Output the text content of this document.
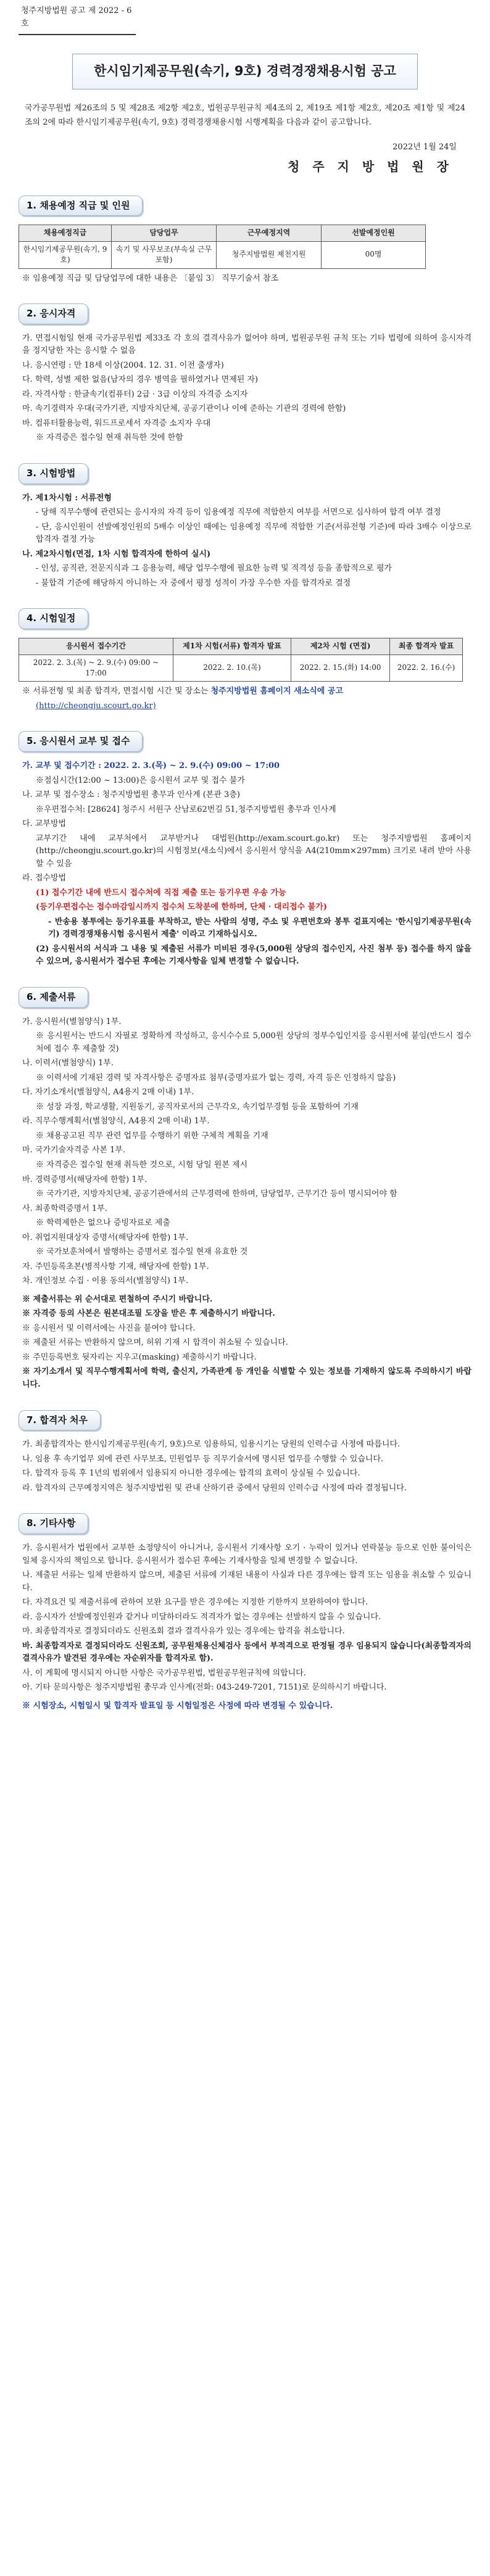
청주지방법원 공고 제 2022 - 6 호
한시임기제공무원(속기, 9호) 경력경쟁채용시험 공고
국가공무원법 제26조의 5 및 제28조 제2항 제2호, 법원공무원규칙 제4조의 2, 제19조 제1항 제2호, 제20조 제1항 및 제24조의 2에 따라 한시임기제공무원(속기, 9호) 경력경쟁채용시험 시행계획을 다음과 같이 공고합니다.
2022년 1월 24일
청 주 지 방 법 원 장
1. 채용예정 직급 및 인원
채용예정직급	담당업무	근무예정지역	선발예정인원
한시임기제공무원(속기, 9호)	속기 및 사무보조(부속실 근무 포함)	청주지방법원 제천지원	00명
※ 임용예정 직급 및 담당업무에 대한 내용은 〔붙임 3〕 직무기술서 참조
2. 응시자격
가. 면접시험일 현재 국가공무원법 제33조 각 호의 결격사유가 없어야 하며, 법원공무원 규칙 또는 기타 법령에 의하여 응시자격을 정지당한 자는 응시할 수 없음
나. 응시연령 : 만 18세 이상(2004. 12. 31. 이전 출생자)
다. 학력, 성별 제한 없음(남자의 경우 병역을 필하였거나 면제된 자)
라. 자격사항 : 한글속기(컴퓨터) 2급 · 3급 이상의 자격증 소지자
마. 속기경력자 우대(국가기관, 지방자치단체, 공공기관이나 이에 준하는 기관의 경력에 한함)
바. 컴퓨터활용능력, 워드프로세서 자격증 소지자 우대
※ 자격증은 접수일 현재 취득한 것에 한함
3. 시험방법
가. 제1차시험 : 서류전형
- 당해 직무수행에 관련되는 응시자의 자격 등이 임용예정 직무에 적합한지 여부를 서면으로 심사하여 합격 여부 결정
- 단, 응시인원이 선발예정인원의 5배수 이상인 때에는 임용예정 직무에 적합한 기준(서류전형 기준)에 따라 3배수 이상으로 합격자 결정 가능
나. 제2차시험(면접, 1차 시험 합격자에 한하여 실시)
- 인성, 공직관, 전문지식과 그 응용능력, 해당 업무수행에 필요한 능력 및 적격성 등을 종합적으로 평가
- 불합격 기준에 해당하지 아니하는 자 중에서 평정 성적이 가장 우수한 자를 합격자로 결정
4. 시험일정
응시원서 접수기간	제1차 시험(서류) 합격자 발표	제2차 시험 (면접)	최종 합격자 발표
2022. 2. 3.(목) ~ 2. 9.(수) 09:00 ~ 17:00	2022. 2. 10.(목)	2022. 2. 15.(화) 14:00	2022. 2. 16.(수)
※ 서류전형 및 최종 합격자, 면접시험 시간 및 장소는 청주지방법원 홈페이지 새소식에 공고
(http://cheongju.scourt.go.kr)
5. 응시원서 교부 및 접수
가. 교부 및 접수기간 : 2022. 2. 3.(목) ~ 2. 9.(수) 09:00 ~ 17:00
※점심시간(12:00 ~ 13:00)은 응시원서 교부 및 접수 불가
나. 교부 및 접수장소 : 청주지방법원 총무과 인사계 (본관 3층)
※우편접수처: [28624] 청주시 서원구 산남로62번길 51,청주지방법원 총무과 인사계
다. 교부방법
교부기간 내에 교부처에서 교부받거나 대법원(http://exam.scourt.go.kr) 또는 청주지방법원 홈페이지(http://cheongju.scourt.go.kr)의 시험정보(새소식)에서 응시원서 양식을 A4(210mm×297mm) 크기로 내려 받아 사용할 수 있음
라. 접수방법
(1) 접수기간 내에 반드시 접수처에 직접 제출 또는 등기우편 우송 가능
(등기우편접수는 접수마감일시까지 접수처 도착분에 한하며, 단체 · 대리접수 불가)
- 반송용 봉투에는 등기우표를 부착하고, 받는 사람의 성명, 주소 및 우편번호와 봉투 겉표지에는 '한시임기제공무원(속기) 경력경쟁채용시험 응시원서 제출' 이라고 기재하십시오.
(2) 응시원서의 서식과 그 내용 및 제출된 서류가 미비된 경우(5,000원 상당의 접수인지, 사진 첨부 등) 접수를 하지 않을 수 있으며, 응시원서가 접수된 후에는 기재사항을 일체 변경할 수 없습니다.
6. 제출서류
가. 응시원서(별첨양식) 1부.
※ 응시원서는 반드시 자필로 정확하게 작성하고, 응시수수료 5,000원 상당의 정부수입인지를 응시원서에 붙임(반드시 접수처에 접수 후 제출할 것)
나. 이력서(별첨양식) 1부.
※ 이력서에 기재된 경력 및 자격사항은 증명자료 첨부(증명자료가 없는 경력, 자격 등은 인정하지 않음)
다. 자기소개서(별첨양식, A4용지 2매 이내) 1부.
※ 성장 과정, 학교생활, 지원동기, 공직자로서의 근무각오, 속기업무경험 등을 포함하여 기재
라. 직무수행계획서(별첨양식, A4용지 2매 이내) 1부.
※ 채용공고된 직무 관련 업무를 수행하기 위한 구체적 계획을 기재
마. 국가기술자격증 사본 1부.
※ 자격증은 접수일 현재 취득한 것으로, 시험 당일 원본 제시
바. 경력증명서(해당자에 한함) 1부.
※ 국가기관, 지방자치단체, 공공기관에서의 근무경력에 한하며, 담당업무, 근무기간 등이 명시되어야 함
사. 최종학력증명서 1부.
※ 학력제한은 없으나 증빙자료로 제출
아. 취업지원대상자 증명서(해당자에 한함) 1부.
※ 국가보훈처에서 발행하는 증명서로 접수일 현재 유효한 것
자. 주민등록초본(병적사항 기재, 해당자에 한함) 1부.
차. 개인정보 수집 · 이용 동의서(별첨양식) 1부.
※ 제출서류는 위 순서대로 편철하여 주시기 바랍니다.
※ 자격증 등의 사본은 원본대조필 도장을 받은 후 제출하시기 바랍니다.
※ 응시원서 및 이력서에는 사진을 붙여야 합니다.
※ 제출된 서류는 반환하지 않으며, 허위 기재 시 합격이 취소될 수 있습니다.
※ 주민등록번호 뒷자리는 지우고(masking) 제출하시기 바랍니다.
※ 자기소개서 및 직무수행계획서에 학력, 출신지, 가족관계 등 개인을 식별할 수 있는 정보를 기재하지 않도록 주의하시기 바랍니다.
7. 합격자 처우
가. 최종합격자는 한시임기제공무원(속기, 9호)으로 임용하되, 임용시기는 당원의 인력수급 사정에 따릅니다.
나. 임용 후 속기업무 외에 관련 사무보조, 민원업무 등 직무기술서에 명시된 업무를 수행할 수 있습니다.
다. 합격자 등록 후 1년의 범위에서 임용되지 아니한 경우에는 합격의 효력이 상실될 수 있습니다.
라. 합격자의 근무예정지역은 청주지방법원 및 관내 산하기관 중에서 당원의 인력수급 사정에 따라 결정됩니다.
8. 기타사항
가. 응시원서가 법원에서 교부한 소정양식이 아니거나, 응시원서 기재사항 오기 · 누락이 있거나 연락불능 등으로 인한 불이익은 일체 응시자의 책임으로 합니다. 응시원서가 접수된 후에는 기재사항을 일체 변경할 수 없습니다.
나. 제출된 서류는 일체 반환하지 않으며, 제출된 서류에 기재된 내용이 사실과 다른 경우에는 합격 또는 임용을 취소할 수 있습니다.
다. 자격요건 및 제출서류에 관하여 보완 요구를 받은 경우에는 지정한 기한까지 보완하여야 합니다.
라. 응시자가 선발예정인원과 같거나 미달하더라도 적격자가 없는 경우에는 선발하지 않을 수 있습니다.
마. 최종합격자로 결정되더라도 신원조회 결과 결격사유가 있는 경우에는 합격을 취소합니다.
바. 최종합격자로 결정되더라도 신원조회, 공무원채용신체검사 등에서 부적격으로 판정될 경우 임용되지 않습니다(최종합격자의 결격사유가 발견된 경우에는 자순위자를 합격자로 함).
사. 이 계획에 명시되지 아니한 사항은 국가공무원법, 법원공무원규칙에 의합니다.
아. 기타 문의사항은 청주지방법원 총무과 인사계(전화: 043-249-7201, 7151)로 문의하시기 바랍니다.
※ 시험장소, 시험일시 및 합격자 발표일 등 시험일정은 사정에 따라 변경될 수 있습니다.
